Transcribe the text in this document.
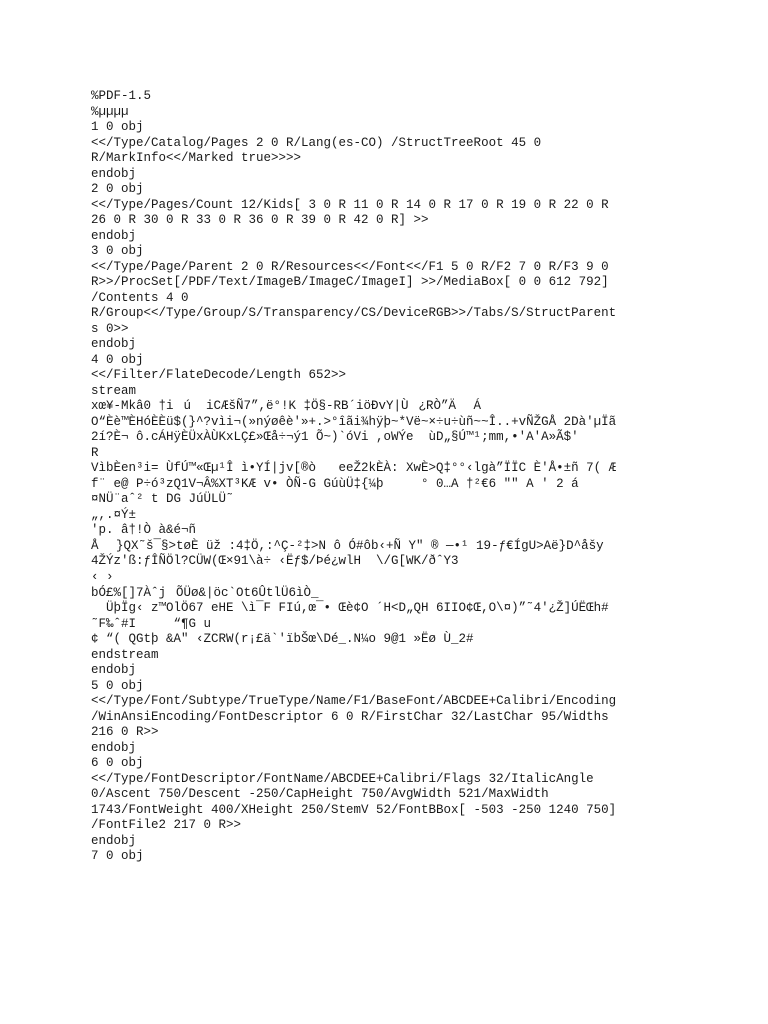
%PDF-1.5
%µµµµ
1 0 obj
<</Type/Catalog/Pages 2 0 R/Lang(es-CO) /StructTreeRoot 45 0
R/MarkInfo<</Marked true>>>>
endobj
2 0 obj
<</Type/Pages/Count 12/Kids[ 3 0 R 11 0 R 14 0 R 17 0 R 19 0 R 22 0 R
26 0 R 30 0 R 33 0 R 36 0 R 39 0 R 42 0 R] >>
endobj
3 0 obj
<</Type/Page/Parent 2 0 R/Resources<</Font<</F1 5 0 R/F2 7 0 R/F3 9 0
R>>/ProcSet[/PDF/Text/ImageB/ImageC/ImageI] >>/MediaBox[ 0 0 612 792]
/Contents 4 0
R/Group<</Type/Group/S/Transparency/CS/DeviceRGB>>/Tabs/S/StructParent
s 0>>
endobj
4 0 obj
<</Filter/FlateDecode/Length 652>>
stream
xœ¥-Mkâ0 †iú  iCÆšÑ7”,ë°!K ‡Ö§-RB´iöÐvY|Ù¿RÒ”Ä Á
O“Èè™ÈHóÈÈü$(}^?vìi¬(»nýøêè'»+.>°îãi¾hÿþ~*Vë~×÷u÷ùñ~~Î..+vÑŽGÅ 2Dà'µÏã
2í?È¬ ô.cÁHÿÈÜxÀÙKxLÇ£»Œå÷¬ý1 Õ~)`óVi ,oWÝe  ùD„§Ú™¹;mm,•'A'A»Ã$'
R
VìbÈen³i= ÙfÚ™«Œµ¹Î ì•YÍ|jv[®ò   eeŽ2kÈÀ: XwÈ>Q‡°°‹lgà”ÏÏC È'Å•±ñ 7( Æ
f¨ e@ P÷ó³zQ1V¬Â%XT³KÆ v• ÒÑ-G GúùÜ‡{¼þ     ° 0…A †²€6 "" A ' 2 á
¤NÜ¨aˆ² t DG JúÜLÜ˜
„,.¤Ý±
'p. â†!Ò à&é¬ñ
Å }QX˜š¯§>tøÈ üž :4‡Ö,:^Ç-²‡>N ô Ó#ôb‹+Ñ Y" ® —•¹ 19-ƒ€ÍgU>Aë}D^åšy
4ŽÝz'ß:ƒÎÑÖl?CÜW(Œ×91\à÷ ‹Ëƒ$/Þé¿wlH  \/G[WK/ðˆY3
‹ ›
bÓ£%[]7ÀˆjÕÜø&|öc`Ot6ÛtlÜ6ìÒ_
ÜþÏg‹ z™OlÖ67 eHE \ì¯F FIú,œ¯• Œè¢O ´H<D„QH 6IIO¢Œ,O\¤)”˜4'¿Ž]ÚËŒh#
˜F‰ˆ#I     “¶G u
¢ “( QGtþ &A" ‹ZCRW(r¡£ä`'ïbŠœ\Dé_.N¼o 9@1 »Ëø Ù_2#
endstream
endobj
5 0 obj
<</Type/Font/Subtype/TrueType/Name/F1/BaseFont/ABCDEE+Calibri/Encoding
/WinAnsiEncoding/FontDescriptor 6 0 R/FirstChar 32/LastChar 95/Widths
216 0 R>>
endobj
6 0 obj
<</Type/FontDescriptor/FontName/ABCDEE+Calibri/Flags 32/ItalicAngle
0/Ascent 750/Descent -250/CapHeight 750/AvgWidth 521/MaxWidth
1743/FontWeight 400/XHeight 250/StemV 52/FontBBox[ -503 -250 1240 750]
/FontFile2 217 0 R>>
endobj
7 0 obj
